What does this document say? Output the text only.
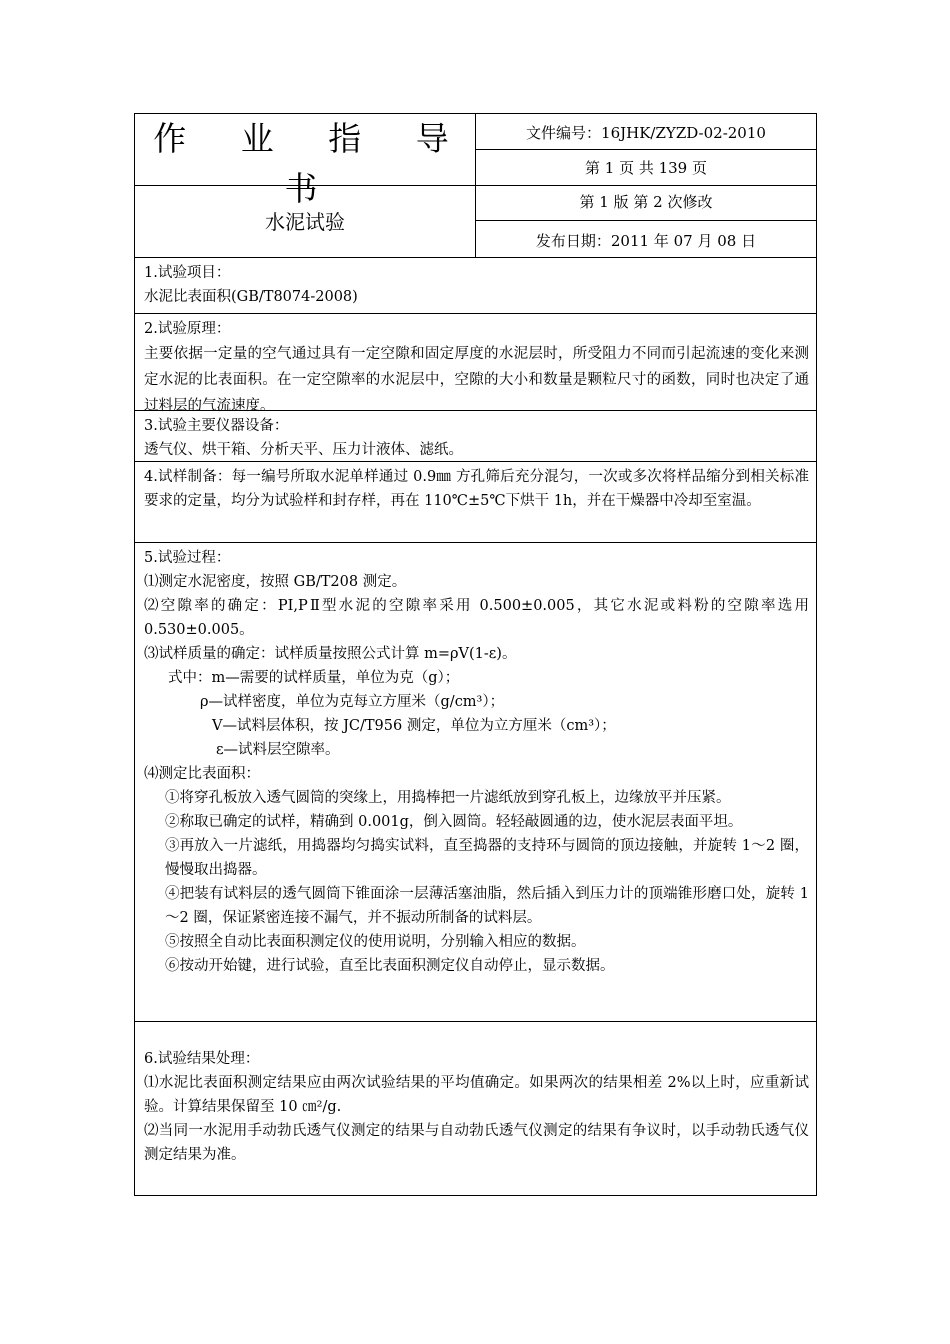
作 业 指 导 书
水泥试验
文件编号：16JHK/ZYZD-02-2010
第 1 页 共 139 页
第 1 版 第 2 次修改
发布日期：2011 年 07 月 08 日

1.试验项目：

水泥比表面积(GB/T8074-2008)

2.试验原理：

主要依据一定量的空气通过具有一定空隙和固定厚度的水泥层时，所受阻力不同而引起流速的变化来测定水泥的比表面积。在一定空隙率的水泥层中，空隙的大小和数量是颗粒尺寸的函数，同时也决定了通过料层的气流速度。

3.试验主要仪器设备：

透气仪、烘干箱、分析天平、压力计液体、滤纸。

4.试样制备：每一编号所取水泥单样通过 0.9㎜ 方孔筛后充分混匀，一次或多次将样品缩分到相关标准要求的定量，均分为试验样和封存样，再在 110℃±5℃下烘干 1h，并在干燥器中冷却至室温。

5.试验过程：

⑴测定水泥密度，按照 GB/T208 测定。

⑵空隙率的确定：PI,PⅡ型水泥的空隙率采用 0.500±0.005，其它水泥或料粉的空隙率选用 0.530±0.005。

⑶试样质量的确定：试样质量按照公式计算 m=ρV(1-ε)。

式中：m—需要的试样质量，单位为克（g）；

ρ—试样密度，单位为克每立方厘米（g/cm³）；

V—试料层体积，按 JC/T956 测定，单位为立方厘米（cm³）；

ε—试料层空隙率。

⑷测定比表面积：

①将穿孔板放入透气圆筒的突缘上，用捣棒把一片滤纸放到穿孔板上，边缘放平并压紧。

②称取已确定的试样，精确到 0.001g，倒入圆筒。轻轻敲圆通的边，使水泥层表面平坦。

③再放入一片滤纸，用捣器均匀捣实试料，直至捣器的支持环与圆筒的顶边接触，并旋转 1～2 圈，慢慢取出捣器。

④把装有试料层的透气圆筒下锥面涂一层薄活塞油脂，然后插入到压力计的顶端锥形磨口处，旋转 1～2 圈，保证紧密连接不漏气，并不振动所制备的试料层。

⑤按照全自动比表面积测定仪的使用说明，分别输入相应的数据。

⑥按动开始键，进行试验，直至比表面积测定仪自动停止，显示数据。

6.试验结果处理：

⑴水泥比表面积测定结果应由两次试验结果的平均值确定。如果两次的结果相差 2%以上时，应重新试验。计算结果保留至 10 ㎝²/g.

⑵当同一水泥用手动勃氏透气仪测定的结果与自动勃氏透气仪测定的结果有争议时，以手动勃氏透气仪测定结果为准。
